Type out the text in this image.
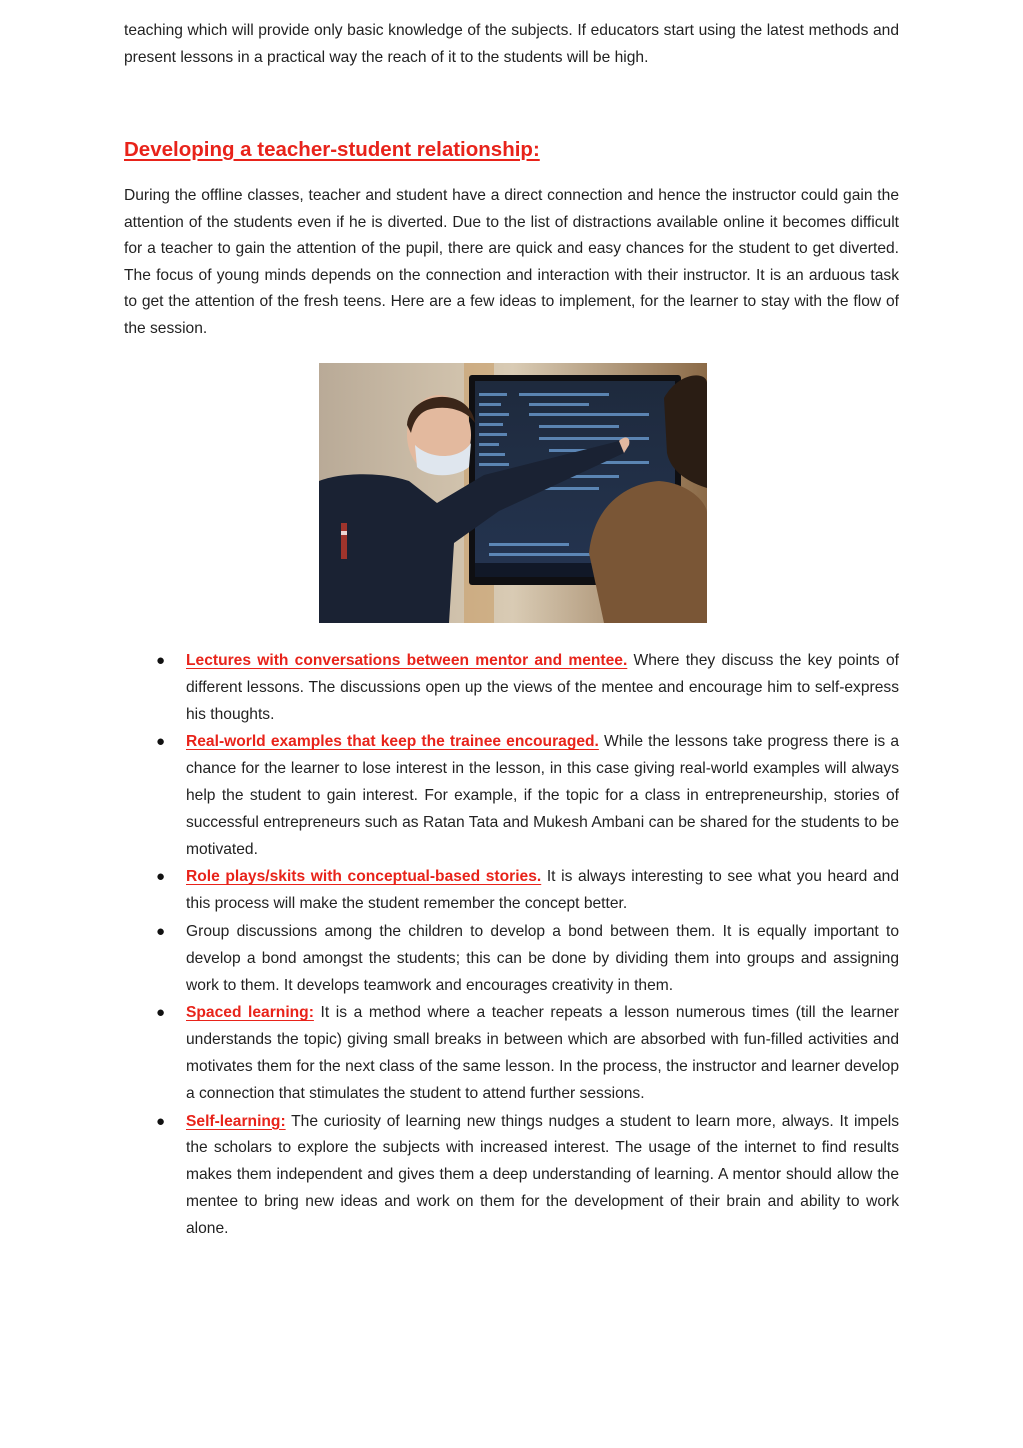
teaching which will provide only basic knowledge of the subjects. If educators start using the latest methods and present lessons in a practical way the reach of it to the students will be high.

Developing a teacher-student relationship:

During the offline classes, teacher and student have a direct connection and hence the instructor could gain the attention of the students even if he is diverted. Due to the list of distractions available online it becomes difficult for a teacher to gain the attention of the pupil, there are quick and easy chances for the student to get diverted. The focus of young minds depends on the connection and interaction with their instructor. It is an arduous task to get the attention of the fresh teens. Here are a few ideas to implement, for the learner to stay with the flow of the session.

● Lectures with conversations between mentor and mentee. Where they discuss the key points of different lessons. The discussions open up the views of the mentee and encourage him to self-express his thoughts.
● Real-world examples that keep the trainee encouraged. While the lessons take progress there is a chance for the learner to lose interest in the lesson, in this case giving real-world examples will always help the student to gain interest. For example, if the topic for a class in entrepreneurship, stories of successful entrepreneurs such as Ratan Tata and Mukesh Ambani can be shared for the students to be motivated.
● Role plays/skits with conceptual-based stories. It is always interesting to see what you heard and this process will make the student remember the concept better.
● Group discussions among the children to develop a bond between them. It is equally important to develop a bond amongst the students; this can be done by dividing them into groups and assigning work to them. It develops teamwork and encourages creativity in them.
● Spaced learning: It is a method where a teacher repeats a lesson numerous times (till the learner understands the topic) giving small breaks in between which are absorbed with fun-filled activities and motivates them for the next class of the same lesson. In the process, the instructor and learner develop a connection that stimulates the student to attend further sessions.
● Self-learning: The curiosity of learning new things nudges a student to learn more, always. It impels the scholars to explore the subjects with increased interest. The usage of the internet to find results makes them independent and gives them a deep understanding of learning. A mentor should allow the mentee to bring new ideas and work on them for the development of their brain and ability to work alone.
